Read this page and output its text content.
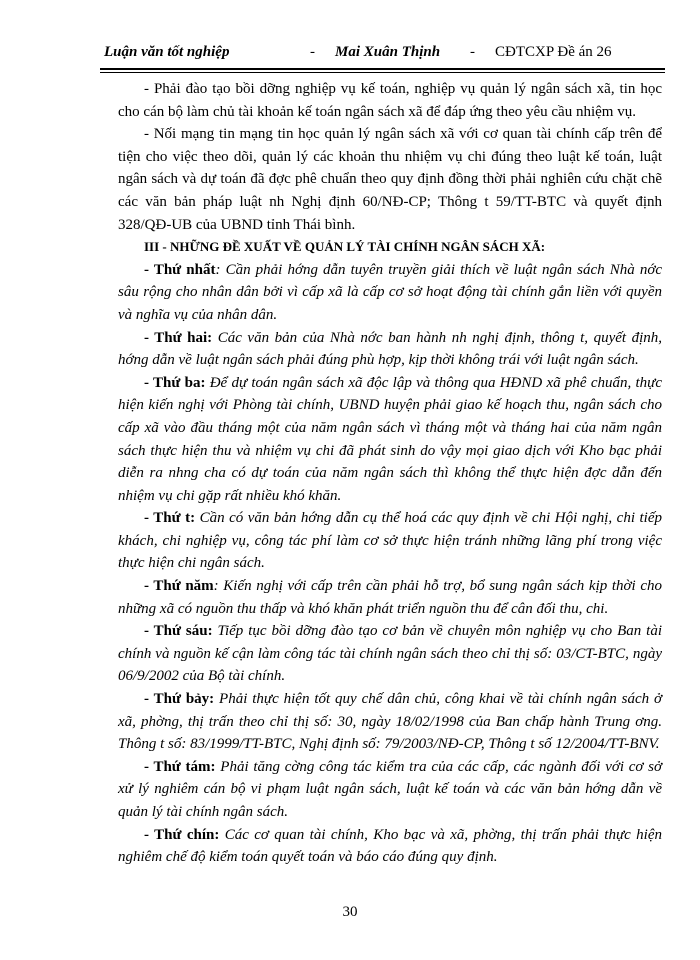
Luận văn tốt nghiệp	- Mai Xuân Thịnh - CĐTCXP Đề án 26

- Phải đào tạo bồi dỡng nghiệp vụ kế toán, nghiệp vụ quản lý ngân sách xã, tin học cho cán bộ làm chủ tài khoản kế toán ngân sách xã để đáp ứng theo yêu cầu nhiệm vụ.

- Nối mạng tin mạng tin học quản lý ngân sách xã với cơ quan tài chính cấp trên để tiện cho việc theo dõi, quản lý các khoản thu nhiệm vụ chi đúng theo luật kế toán, luật ngân sách và dự toán đã đợc phê chuẩn theo quy định đồng thời phải nghiên cứu chặt chẽ các văn bản pháp luật nh Nghị định 60/NĐ-CP; Thông t 59/TT-BTC và quyết định 328/QĐ-UB của UBND tỉnh Thái bình.

III - NHỮNG ĐỀ XUẤT VỀ QUẢN LÝ TÀI CHÍNH NGÂN SÁCH XÃ:

- Thứ nhất: Cần phải hớng dẫn tuyên truyền giải thích về luật ngân sách Nhà nớc sâu rộng cho nhân dân bởi vì cấp xã là cấp cơ sở hoạt động tài chính gắn liền với quyền và nghĩa vụ của nhân dân.

- Thứ hai: Các văn bản của Nhà nớc ban hành nh nghị định, thông t, quyết định, hớng dẫn về luật ngân sách phải đúng phù hợp, kịp thời không trái với luật ngân sách.

- Thứ ba: Để dự toán ngân sách xã độc lập và thông qua HĐND xã phê chuẩn, thực hiện kiến nghị với Phòng tài chính, UBND huyện phải giao kế hoạch thu, ngân sách cho cấp xã vào đầu tháng một của năm ngân sách vì tháng một và tháng hai của năm ngân sách thực hiện thu và nhiệm vụ chi đã phát sinh do vậy mọi giao dịch với Kho bạc phải diễn ra nhng cha có dự toán của năm ngân sách thì không thể thực hiện đợc dẫn đến nhiệm vụ chi gặp rất nhiều khó khăn.

- Thứ t: Cần có văn bản hớng dẫn cụ thể hoá các quy định về chi Hội nghị, chi tiếp khách, chi nghiệp vụ, công tác phí làm cơ sở thực hiện tránh những lãng phí trong việc thực hiện chi ngân sách.

- Thứ năm: Kiến nghị với cấp trên cần phải hỗ trợ, bổ sung ngân sách kịp thời cho những xã có nguồn thu thấp và khó khăn phát triển nguồn thu để cân đối thu, chi.

- Thứ sáu: Tiếp tục bồi dỡng đào tạo cơ bản về chuyên môn nghiệp vụ cho Ban tài chính và nguồn kế cận làm công tác tài chính ngân sách theo chỉ thị số: 03/CT-BTC, ngày 06/9/2002 của Bộ tài chính.

- Thứ bảy: Phải thực hiện tốt quy chế dân chủ, công khai về tài chính ngân sách ở xã, phờng, thị trấn theo chỉ thị số: 30, ngày 18/02/1998 của Ban chấp hành Trung ơng. Thông t số: 83/1999/TT-BTC, Nghị định số: 79/2003/NĐ-CP, Thông t số 12/2004/TT-BNV.

- Thứ tám: Phải tăng cờng công tác kiểm tra của các cấp, các ngành đối với cơ sở xử lý nghiêm cán bộ vi phạm luật ngân sách, luật kế toán và các văn bản hớng dẫn về quản lý tài chính ngân sách.

- Thứ chín: Các cơ quan tài chính, Kho bạc và xã, phờng, thị trấn phải thực hiện nghiêm chế độ kiểm toán quyết toán và báo cáo đúng quy định.

30
